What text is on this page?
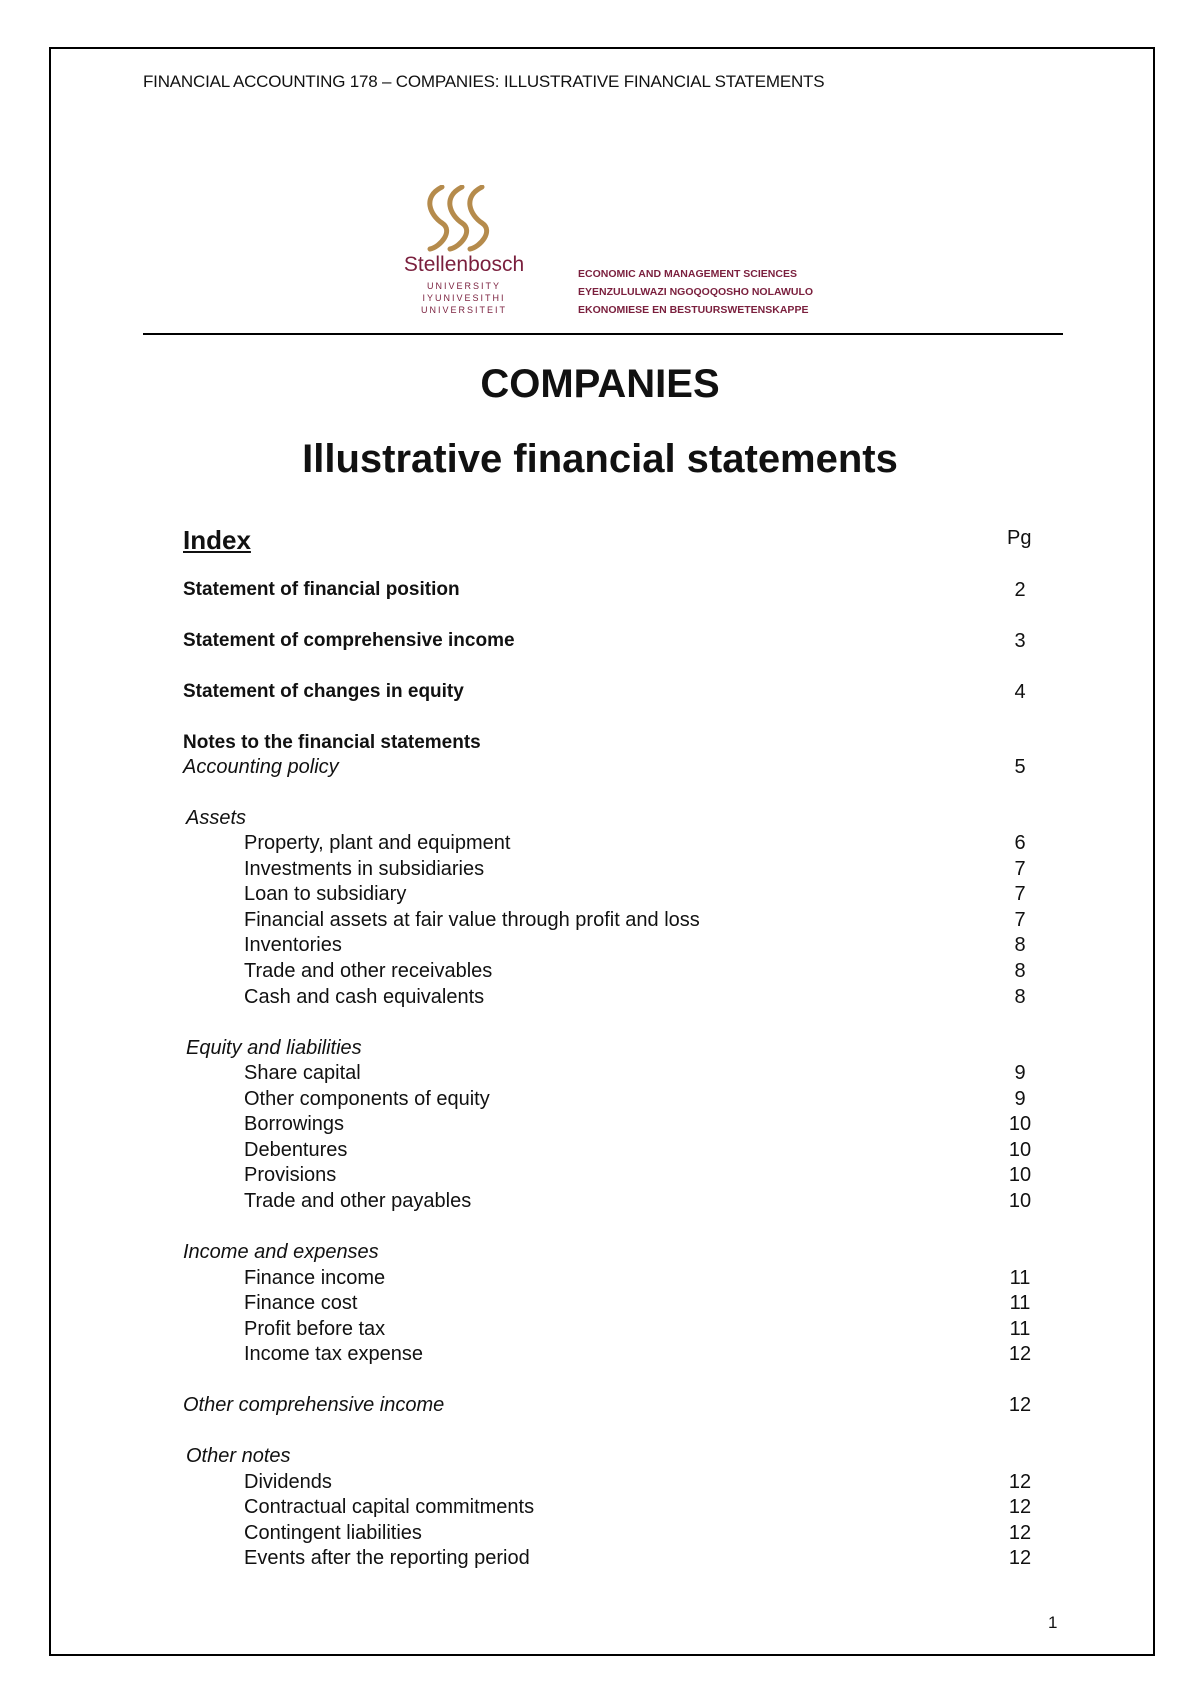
FINANCIAL ACCOUNTING 178 – COMPANIES: ILLUSTRATIVE FINANCIAL STATEMENTS
Stellenbosch
UNIVERSITY
IYUNIVESITHI
UNIVERSITEIT
ECONOMIC AND MANAGEMENT SCIENCES
EYENZULULWAZI NGOQOQOSHO NOLAWULO
EKONOMIESE EN BESTUURSWETENSKAPPE
COMPANIES
Illustrative financial statements
Index	Pg
Statement of financial position	2
Statement of comprehensive income	3
Statement of changes in equity	4
Notes to the financial statements
Accounting policy	5
Assets
Property, plant and equipment	6
Investments in subsidiaries	7
Loan to subsidiary	7
Financial assets at fair value through profit and loss	7
Inventories	8
Trade and other receivables	8
Cash and cash equivalents	8
Equity and liabilities
Share capital	9
Other components of equity	9
Borrowings	10
Debentures	10
Provisions	10
Trade and other payables	10
Income and expenses
Finance income	11
Finance cost	11
Profit before tax	11
Income tax expense	12
Other comprehensive income	12
Other notes
Dividends	12
Contractual capital commitments	12
Contingent liabilities	12
Events after the reporting period	12
1
